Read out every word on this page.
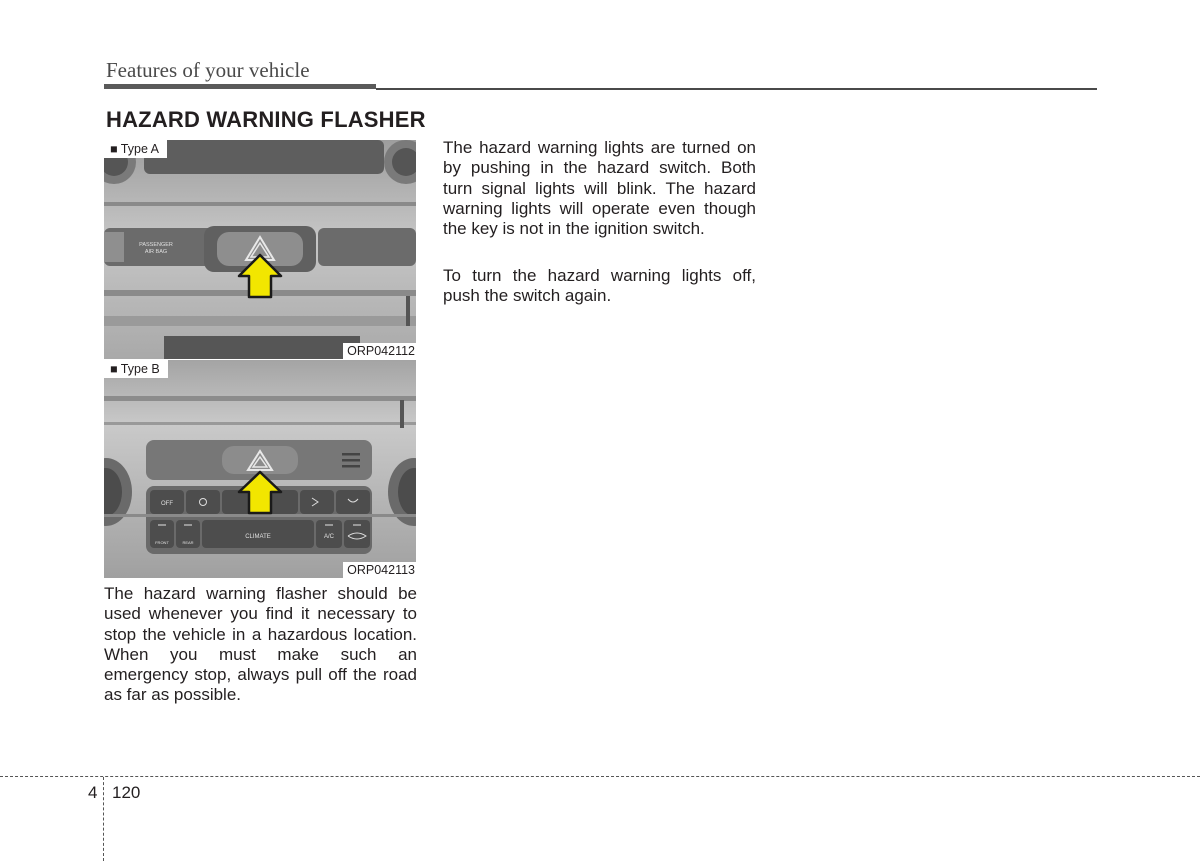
Features of your vehicle
HAZARD WARNING FLASHER
PASSENGER
AIR BAG
■ Type A
ORP042112
OFF
FRONT	REAR
CLIMATE	A/C
■ Type B
ORP042113
The hazard warning flasher should be used whenever you find it necessary to stop the vehicle in a hazardous location. When you must make such an emergency stop, always pull off the road as far as possible.
The hazard warning lights are turned on by pushing in the hazard switch. Both turn signal lights will blink. The hazard warning lights will operate even though the key is not in the ignition switch.
To turn the hazard warning lights off, push the switch again.
4 120
